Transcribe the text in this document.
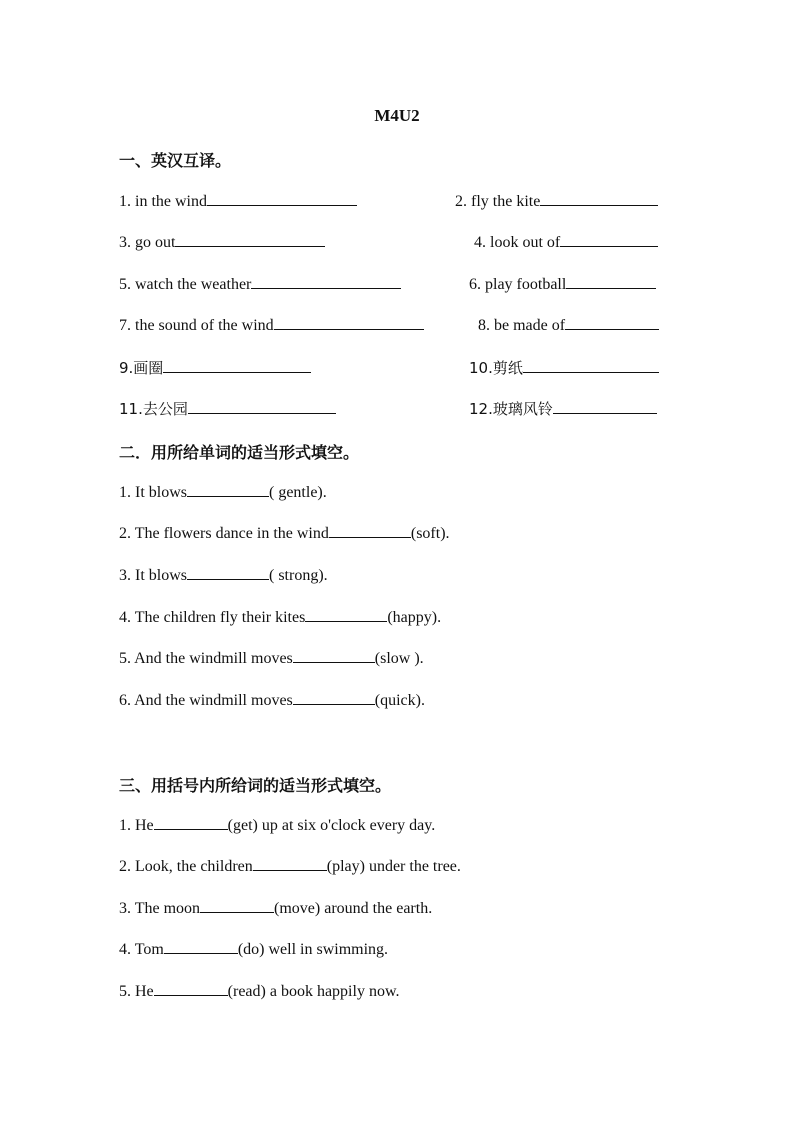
M4U2
一、英汉互译。
1. in the wind	2. fly the kite
3. go out	4. look out of
5. watch the weather	6. play football
7. the sound of the wind	8. be made of
9.画圈	10.剪纸
11.去公园	12.玻璃风铃
二．用所给单词的适当形式填空。
1. It blows	( gentle).
2. The flowers dance in the wind	(soft).
3. It blows	( strong).
4. The children fly their kites	(happy).
5. And the windmill moves	(slow ).
6. And the windmill moves	(quick).
三、用括号内所给词的适当形式填空。
1. He	(get) up at six o'clock every day.
2. Look, the children	(play) under the tree.
3. The moon	(move) around the earth.
4. Tom	(do) well in swimming.
5. He	(read) a book happily now.
